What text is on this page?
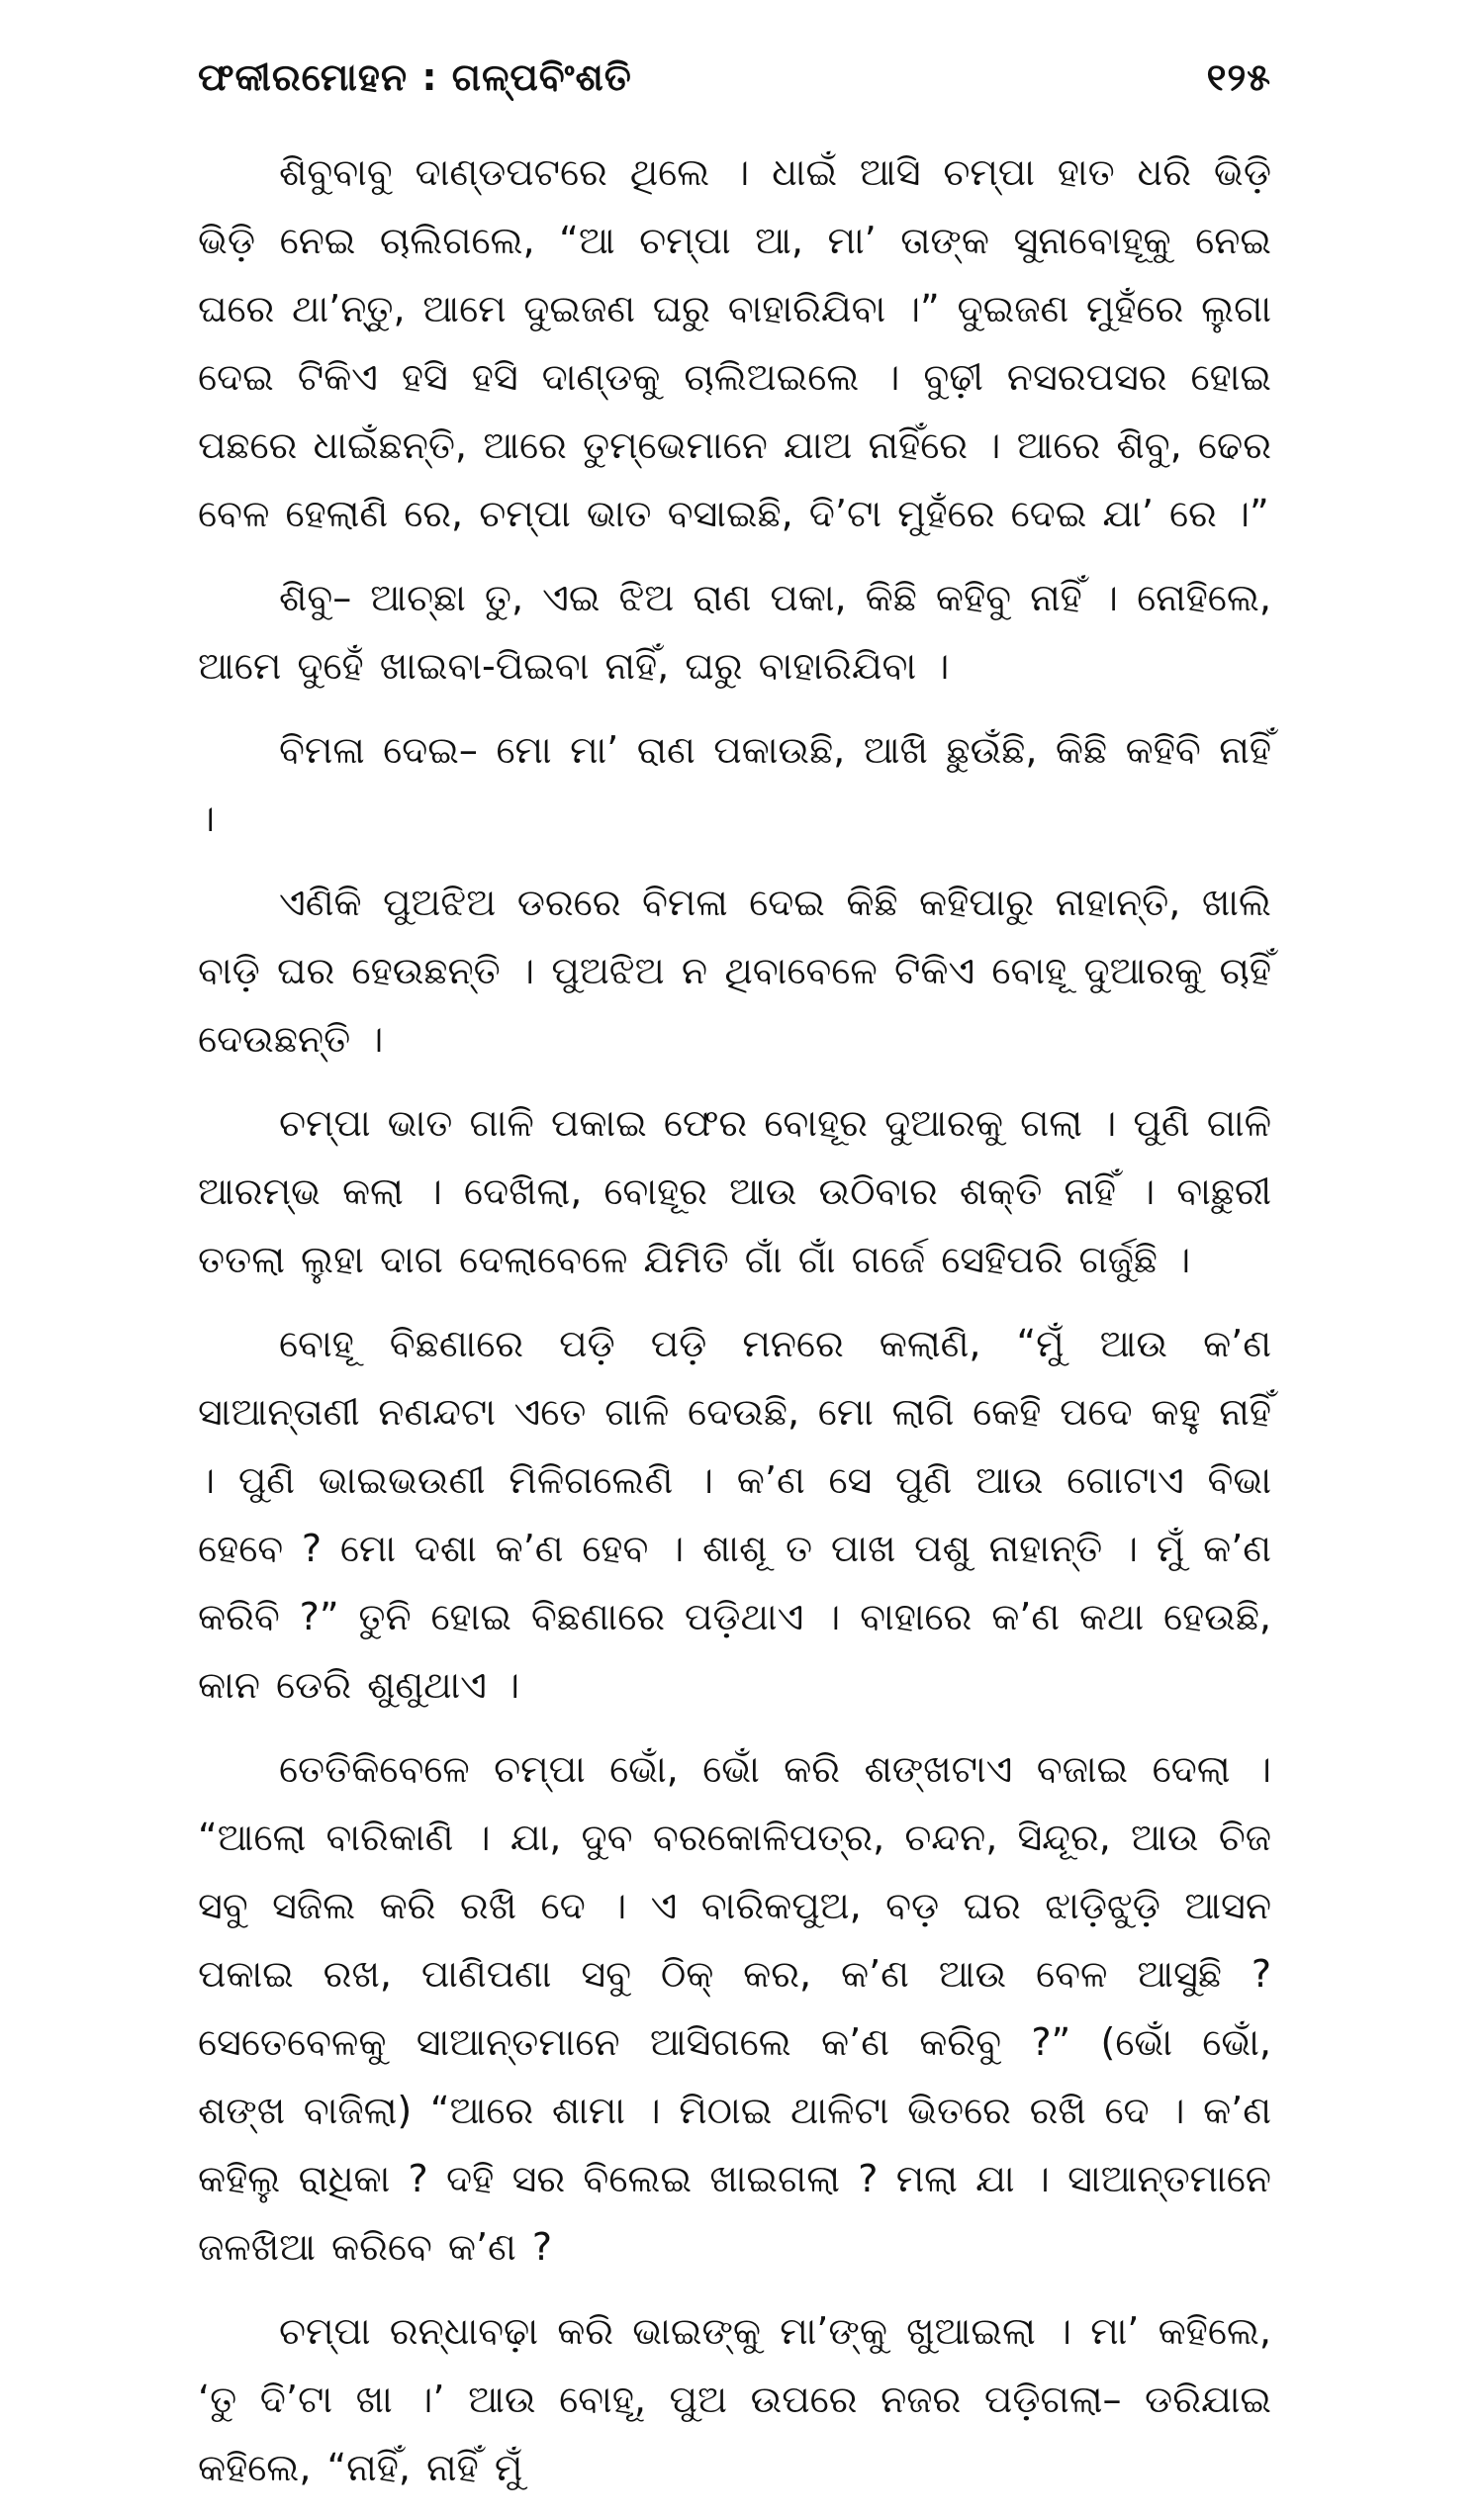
ଫକୀରମୋହନ : ଗଳ୍ପବିଂଶତି	୧୨୫

ଶିବୁବାବୁ ଦାଣ୍ଡପଟରେ ଥିଲେ । ଧାଇଁ ଆସି ଚମ୍ପା ହାତ ଧରି ଭିଡ଼ି ଭିଡ଼ି ନେଇ ଚାଲିଗଲେ, “ଆ ଚମ୍ପା ଆ, ମା’ ତାଙ୍କ ସୁନାବୋହୂକୁ ନେଇ ଘରେ ଥା’ନ୍ତୁ, ଆମେ ଦୁଇଜଣ ଘରୁ ବାହାରିଯିବା ।” ଦୁଇଜଣ ମୁହଁରେ ଲୁଗା ଦେଇ ଟିକିଏ ହସି ହସି ଦାଣ୍ଡକୁ ଚାଲିଅଇଲେ । ବୁଢ଼ୀ ନସରପସର ହୋଇ ପଛରେ ଧାଇଁଛନ୍ତି, ଆରେ ତୁମ୍ଭେମାନେ ଯାଅ ନାହିଁରେ । ଆରେ ଶିବୁ, ଢେର ବେଳ ହେଲାଣି ରେ, ଚମ୍ପା ଭାତ ବସାଇଛି, ଦି’ଟା ମୁହଁରେ ଦେଇ ଯା’ ରେ ।”

ଶିବୁ– ଆଚ୍ଛା ତୁ, ଏଇ ଝିଅ ରାଣ ପକା, କିଛି କହିବୁ ନାହିଁ । ନୋହିଲେ, ଆମେ ଦୁହେଁ ଖାଇବା-ପିଇବା ନାହିଁ, ଘରୁ ବାହାରିଯିବା ।

ବିମଳା ଦେଇ– ମୋ ମା’ ରାଣ ପକାଉଛି, ଆଖି ଛୁଉଁଛି, କିଛି କହିବି ନାହିଁ ।

ଏଣିକି ପୁଅଝିଅ ଡରରେ ବିମଳା ଦେଇ କିଛି କହିପାରୁ ନାହାନ୍ତି, ଖାଲି ବାଡ଼ି ଘର ହେଉଛନ୍ତି । ପୁଅଝିଅ ନ ଥିବାବେଳେ ଟିକିଏ ବୋହୂ ଦୁଆରକୁ ଚାହିଁ ଦେଉଛନ୍ତି ।

ଚମ୍ପା ଭାତ ଗାଳି ପକାଇ ଫେର ବୋହୂର ଦୁଆରକୁ ଗଲା । ପୁଣି ଗାଳି ଆରମ୍ଭ କଲା । ଦେଖିଲା, ବୋହୂର ଆଉ ଉଠିବାର ଶକ୍ତି ନାହିଁ । ବାଛୁରୀ ତତଲା ଲୁହା ଦାଗ ଦେଲାବେଳେ ଯିମିତି ଗାଁ ଗାଁ ଗର୍ଜେ ସେହିପରି ଗର୍ଜୁଛି ।

ବୋହୂ ବିଛଣାରେ ପଡ଼ି ପଡ଼ି ମନରେ କଲାଣି, “ମୁଁ ଆଉ କ’ଣ ସାଆନ୍ତାଣୀ ନଣନ୍ଦଟା ଏତେ ଗାଳି ଦେଉଛି, ମୋ ଲାଗି କେହି ପଦେ କହୁ ନାହିଁ । ପୁଣି ଭାଇଭଉଣୀ ମିଳିଗଲେଣି । କ’ଣ ସେ ପୁଣି ଆଉ ଗୋଟାଏ ବିଭା ହେବେ ? ମୋ ଦଶା କ’ଣ ହେବ । ଶାଶୂ ତ ପାଖ ପଶୁ ନାହାନ୍ତି । ମୁଁ କ’ଣ କରିବି ?” ତୁନି ହୋଇ ବିଛଣାରେ ପଡ଼ିଥାଏ । ବାହାରେ କ’ଣ କଥା ହେଉଛି, କାନ ଡେରି ଶୁଣୁଥାଏ ।

ତେତିକିବେଳେ ଚମ୍ପା ଭୋଁ, ଭୋଁ କରି ଶଙ୍ଖଟାଏ ବଜାଇ ଦେଲା । “ଆଲୋ ବାରିକାଣି । ଯା, ଦୁବ ବରକୋଳିପତ୍ର, ଚନ୍ଦନ, ସିନ୍ଦୂର, ଆଉ ଚିଜ ସବୁ ସଜିଲ କରି ରଖି ଦେ । ଏ ବାରିକପୁଅ, ବଡ଼ ଘର ଝାଡ଼ିଝୁଡ଼ି ଆସନ ପକାଇ ରଖ, ପାଣିପଣା ସବୁ ଠିକ୍ କର, କ’ଣ ଆଉ ବେଳ ଆସୁଛି ? ସେତେବେଳକୁ ସାଆନ୍ତମାନେ ଆସିଗଲେ କ’ଣ କରିବୁ ?” (ଭୋଁ ଭୋଁ, ଶଙ୍ଖ ବାଜିଲା) “ଆରେ ଶାମା । ମିଠାଇ ଥାଳିଟା ଭିତରେ ରଖି ଦେ । କ’ଣ କହିଲୁ ରାଧିକା ? ଦହି ସର ବିଲେଇ ଖାଇଗଲା ? ମଲା ଯା । ସାଆନ୍ତମାନେ ଜଳଖିଆ କରିବେ କ’ଣ ?

ଚମ୍ପା ରନ୍ଧାବଢ଼ା କରି ଭାଇଙ୍କୁ ମା’ଙ୍କୁ ଖୁଆଇଲା । ମା’ କହିଲେ, ‘ତୁ ଦି’ଟା ଖା ।’ ଆଉ ବୋହୂ, ପୁଅ ଉପରେ ନଜର ପଡ଼ିଗଲା– ଡରିଯାଇ କହିଲେ, “ନାହିଁ, ନାହିଁ ମୁଁ
